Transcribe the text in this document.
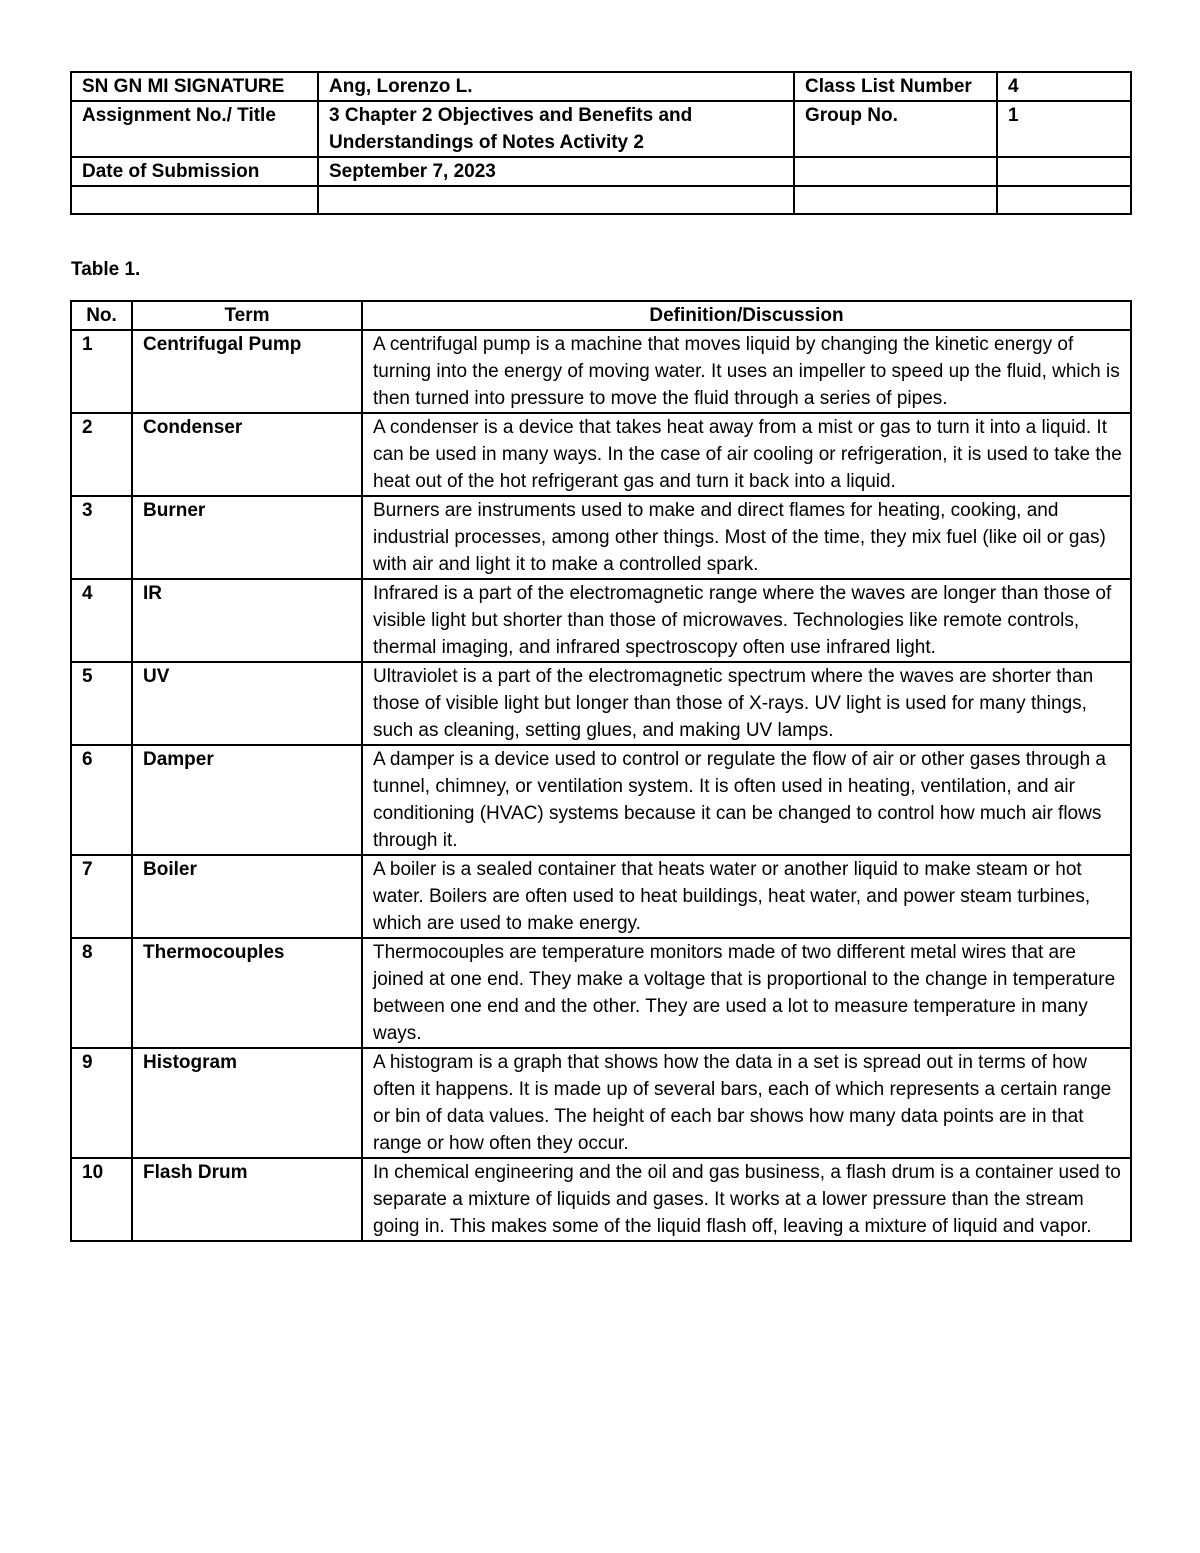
SN GN MI SIGNATURE	Ang, Lorenzo L.	Class List Number	4
Assignment No./ Title	3 Chapter 2 Objectives and Benefits and Understandings of Notes Activity 2	Group No.	1
Date of Submission	September 7, 2023		

Table 1.
No.	Term	Definition/Discussion
1	Centrifugal Pump	A centrifugal pump is a machine that moves liquid by changing the kinetic energy of turning into the energy of moving water. It uses an impeller to speed up the fluid, which is then turned into pressure to move the fluid through a series of pipes.
2	Condenser	A condenser is a device that takes heat away from a mist or gas to turn it into a liquid. It can be used in many ways. In the case of air cooling or refrigeration, it is used to take the heat out of the hot refrigerant gas and turn it back into a liquid.
3	Burner	Burners are instruments used to make and direct flames for heating, cooking, and industrial processes, among other things. Most of the time, they mix fuel (like oil or gas) with air and light it to make a controlled spark.
4	IR	Infrared is a part of the electromagnetic range where the waves are longer than those of visible light but shorter than those of microwaves. Technologies like remote controls, thermal imaging, and infrared spectroscopy often use infrared light.
5	UV	Ultraviolet is a part of the electromagnetic spectrum where the waves are shorter than those of visible light but longer than those of X-rays. UV light is used for many things, such as cleaning, setting glues, and making UV lamps.
6	Damper	A damper is a device used to control or regulate the flow of air or other gases through a tunnel, chimney, or ventilation system. It is often used in heating, ventilation, and air conditioning (HVAC) systems because it can be changed to control how much air flows through it.
7	Boiler	A boiler is a sealed container that heats water or another liquid to make steam or hot water. Boilers are often used to heat buildings, heat water, and power steam turbines, which are used to make energy.
8	Thermocouples	Thermocouples are temperature monitors made of two different metal wires that are joined at one end. They make a voltage that is proportional to the change in temperature between one end and the other. They are used a lot to measure temperature in many ways.
9	Histogram	A histogram is a graph that shows how the data in a set is spread out in terms of how often it happens. It is made up of several bars, each of which represents a certain range or bin of data values. The height of each bar shows how many data points are in that range or how often they occur.
10	Flash Drum	In chemical engineering and the oil and gas business, a flash drum is a container used to separate a mixture of liquids and gases. It works at a lower pressure than the stream going in. This makes some of the liquid flash off, leaving a mixture of liquid and vapor.
